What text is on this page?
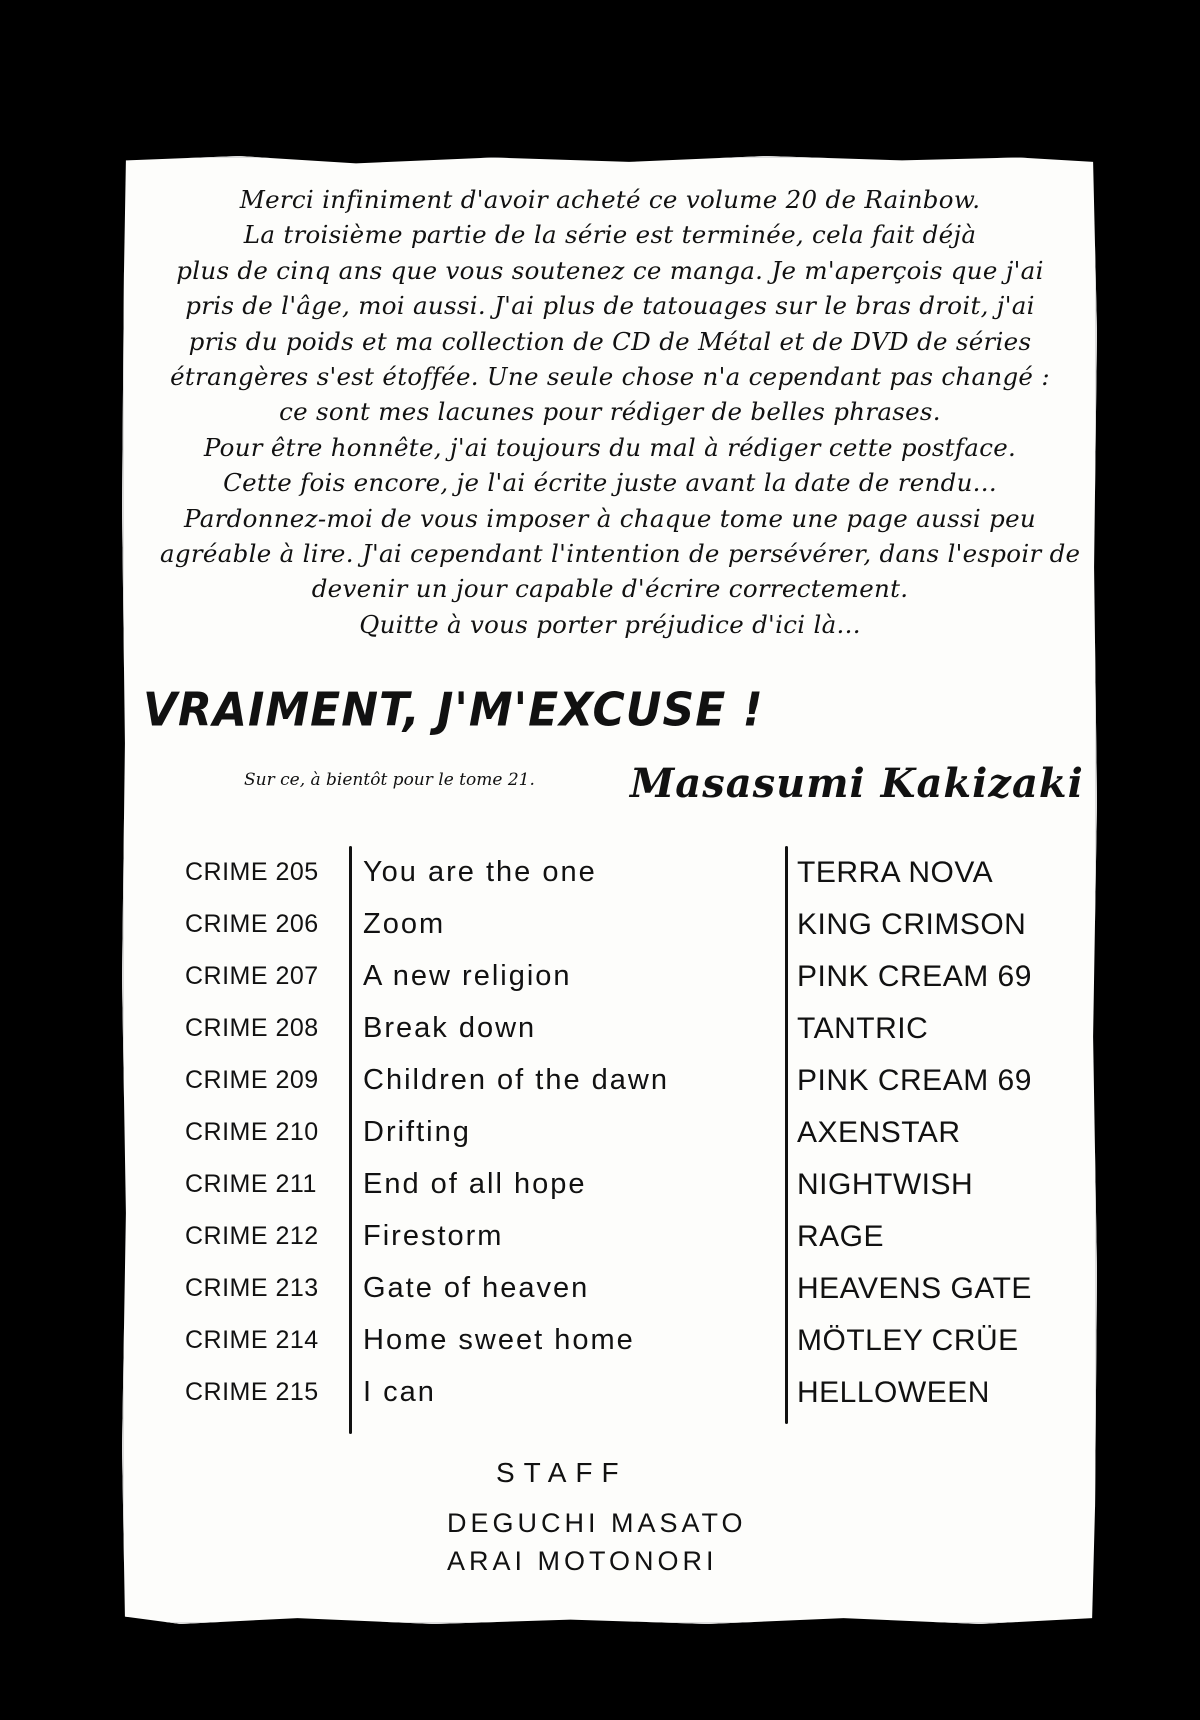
Merci infiniment d'avoir acheté ce volume 20 de Rainbow.
La troisième partie de la série est terminée, cela fait déjà
plus de cinq ans que vous soutenez ce manga. Je m'aperçois que j'ai
pris de l'âge, moi aussi. J'ai plus de tatouages sur le bras droit, j'ai
pris du poids et ma collection de CD de Métal et de DVD de séries
étrangères s'est étoffée. Une seule chose n'a cependant pas changé :
ce sont mes lacunes pour rédiger de belles phrases.
Pour être honnête, j'ai toujours du mal à rédiger cette postface.
Cette fois encore, je l'ai écrite juste avant la date de rendu...
Pardonnez-moi de vous imposer à chaque tome une page aussi peu
agréable à lire. J'ai cependant l'intention de persévérer, dans l'espoir de
devenir un jour capable d'écrire correctement.
Quitte à vous porter préjudice d'ici là...
VRAIMENT, J'M'EXCUSE !
Sur ce, à bientôt pour le tome 21. Masasumi Kakizaki
CRIME 205 You are the one	TERRA NOVA
CRIME 206 Zoom	KING CRIMSON
CRIME 207 A new religion	PINK CREAM 69
CRIME 208 Break down	TANTRIC
CRIME 209 Children of the dawn	PINK CREAM 69
CRIME 210 Drifting	AXENSTAR
CRIME 211 End of all hope	NIGHTWISH
CRIME 212 Firestorm	RAGE
CRIME 213 Gate of heaven	HEAVENS GATE
CRIME 214 Home sweet home	MÖTLEY CRÜE
CRIME 215 I can	HELLOWEEN
STAFF
DEGUCHI MASATO
ARAI MOTONORI
